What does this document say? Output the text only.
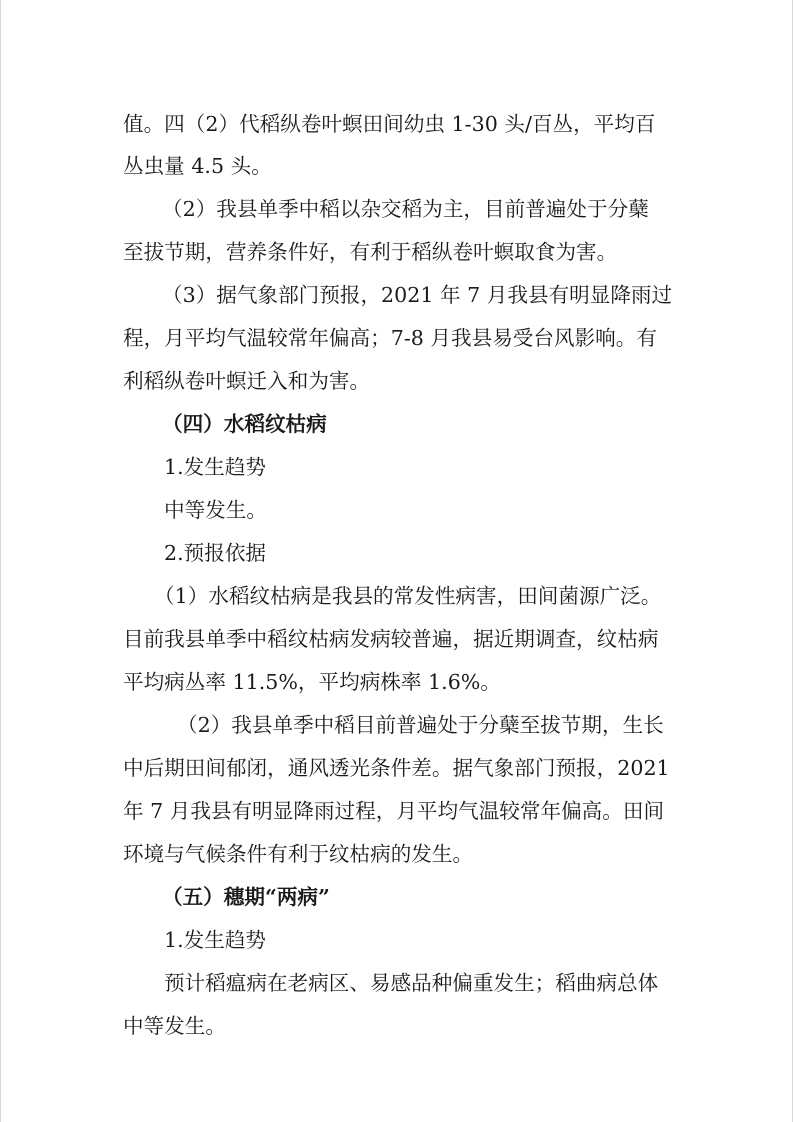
值。四（2）代稻纵卷叶螟田间幼虫 1-30 头/百丛，平均百
丛虫量 4.5 头。
（2）我县单季中稻以杂交稻为主，目前普遍处于分蘖
至拔节期，营养条件好，有利于稻纵卷叶螟取食为害。
（3）据气象部门预报，2021 年 7 月我县有明显降雨过
程，月平均气温较常年偏高；7-8 月我县易受台风影响。有
利稻纵卷叶螟迁入和为害。
（四）水稻纹枯病
1.发生趋势
中等发生。
2.预报依据
（1）水稻纹枯病是我县的常发性病害，田间菌源广泛。
目前我县单季中稻纹枯病发病较普遍，据近期调查，纹枯病
平均病丛率 11.5%，平均病株率 1.6%。
（2）我县单季中稻目前普遍处于分蘖至拔节期，生长
中后期田间郁闭，通风透光条件差。据气象部门预报，2021
年 7 月我县有明显降雨过程，月平均气温较常年偏高。田间
环境与气候条件有利于纹枯病的发生。
（五）穗期“两病”
1.发生趋势
预计稻瘟病在老病区、易感品种偏重发生；稻曲病总体
中等发生。
